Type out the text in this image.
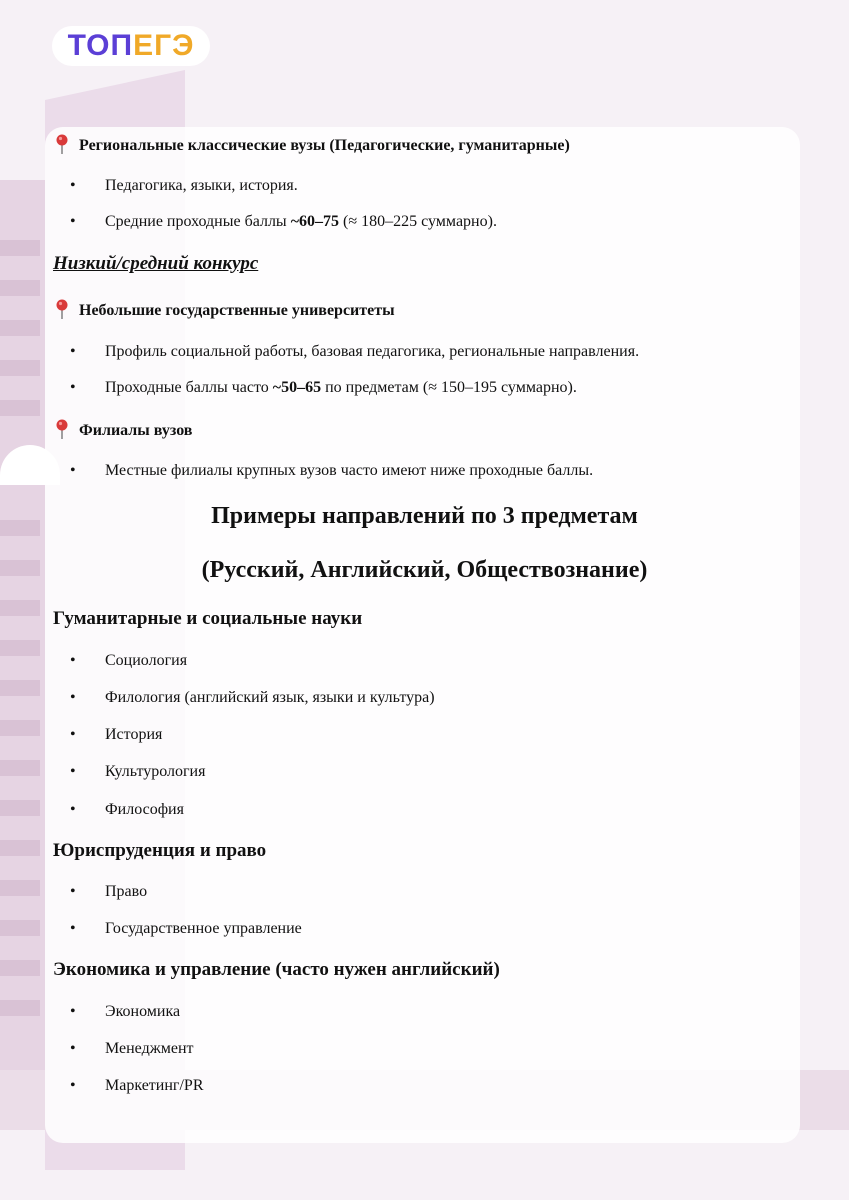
ТОП ЕГЭ
Региональные классические вузы (Педагогические, гуманитарные)
• Педагогика, языки, история.
• Средние проходные баллы ~60–75 (≈ 180–225 суммарно).
Низкий/средний конкурс
Небольшие государственные университеты
• Профиль социальной работы, базовая педагогика, региональные направления.
• Проходные баллы часто ~50–65 по предметам (≈ 150–195 суммарно).
Филиалы вузов
• Местные филиалы крупных вузов часто имеют ниже проходные баллы.
Примеры направлений по 3 предметам
(Русский, Английский, Обществознание)
Гуманитарные и социальные науки
• Социология
• Филология (английский язык, языки и культура)
• История
• Культурология
• Философия
Юриспруденция и право
• Право
• Государственное управление
Экономика и управление (часто нужен английский)
• Экономика
• Менеджмент
• Маркетинг/PR
